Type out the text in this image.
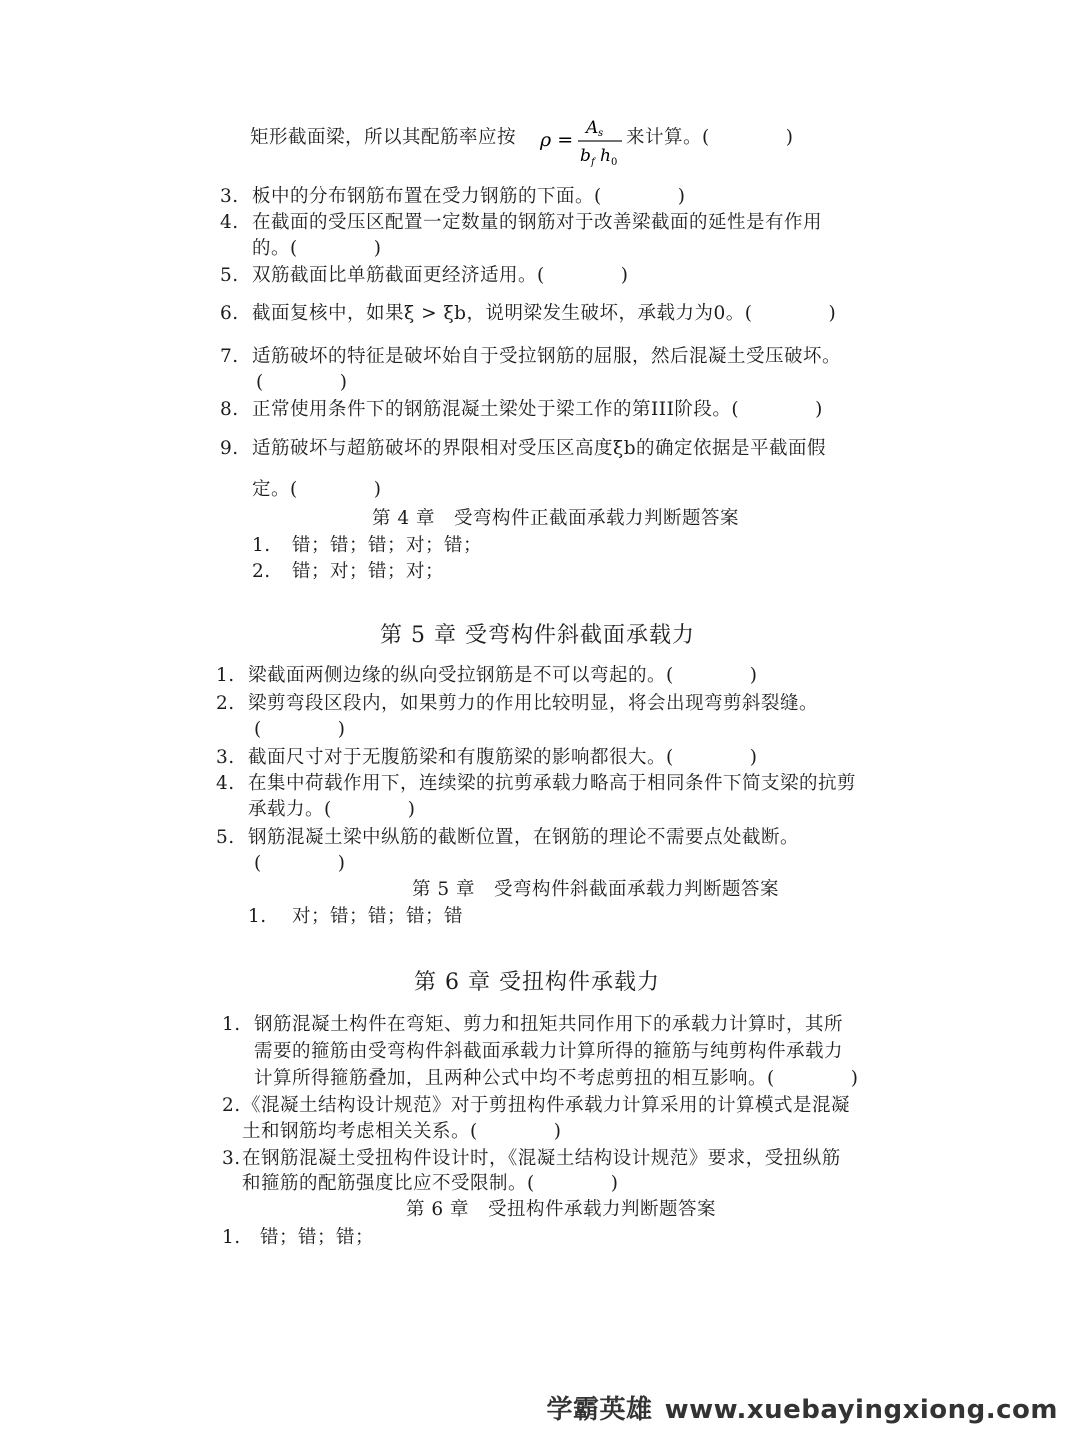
矩形截面梁，所以其配筋率应按 ρ =
A s
b f h 0
来计算。(　　　　)
3. 板中的分布钢筋布置在受力钢筋的下面。(　　　　)
4. 在截面的受压区配置一定数量的钢筋对于改善梁截面的延性是有作用
的。(　　　　)
5. 双筋截面比单筋截面更经济适用。(　　　　)
6. 截面复核中，如果ξ > ξb，说明梁发生破坏，承载力为0。(　　　　)
7. 适筋破坏的特征是破坏始自于受拉钢筋的屈服，然后混凝土受压破坏。
(　　　　)
8. 正常使用条件下的钢筋混凝土梁处于梁工作的第III阶段。(　　　　)
9. 适筋破坏与超筋破坏的界限相对受压区高度ξb的确定依据是平截面假
定。(　　　　)
第 4 章　受弯构件正截面承载力判断题答案
1. 错；错；错；对；错；
2. 错；对；错；对；
第 5 章 受弯构件斜截面承载力
1. 梁截面两侧边缘的纵向受拉钢筋是不可以弯起的。(　　　　)
2. 梁剪弯段区段内，如果剪力的作用比较明显，将会出现弯剪斜裂缝。
(　　　　)
3. 截面尺寸对于无腹筋梁和有腹筋梁的影响都很大。(　　　　)
4. 在集中荷载作用下，连续梁的抗剪承载力略高于相同条件下简支梁的抗剪
承载力。(　　　　)
5. 钢筋混凝土梁中纵筋的截断位置，在钢筋的理论不需要点处截断。
(　　　　)
第 5 章　受弯构件斜截面承载力判断题答案
1. 对；错；错；错；错
第 6 章 受扭构件承载力
1. 钢筋混凝土构件在弯矩、剪力和扭矩共同作用下的承载力计算时，其所
需要的箍筋由受弯构件斜截面承载力计算所得的箍筋与纯剪构件承载力
计算所得箍筋叠加，且两种公式中均不考虑剪扭的相互影响。(　　　　)
2.《混凝土结构设计规范》对于剪扭构件承载力计算采用的计算模式是混凝
土和钢筋均考虑相关关系。(　　　　)
3.在钢筋混凝土受扭构件设计时，《混凝土结构设计规范》要求，受扭纵筋
和箍筋的配筋强度比应不受限制。(　　　　)
第 6 章　受扭构件承载力判断题答案
1. 错；错；错；
学霸英雄 www.xuebayingxiong.com
